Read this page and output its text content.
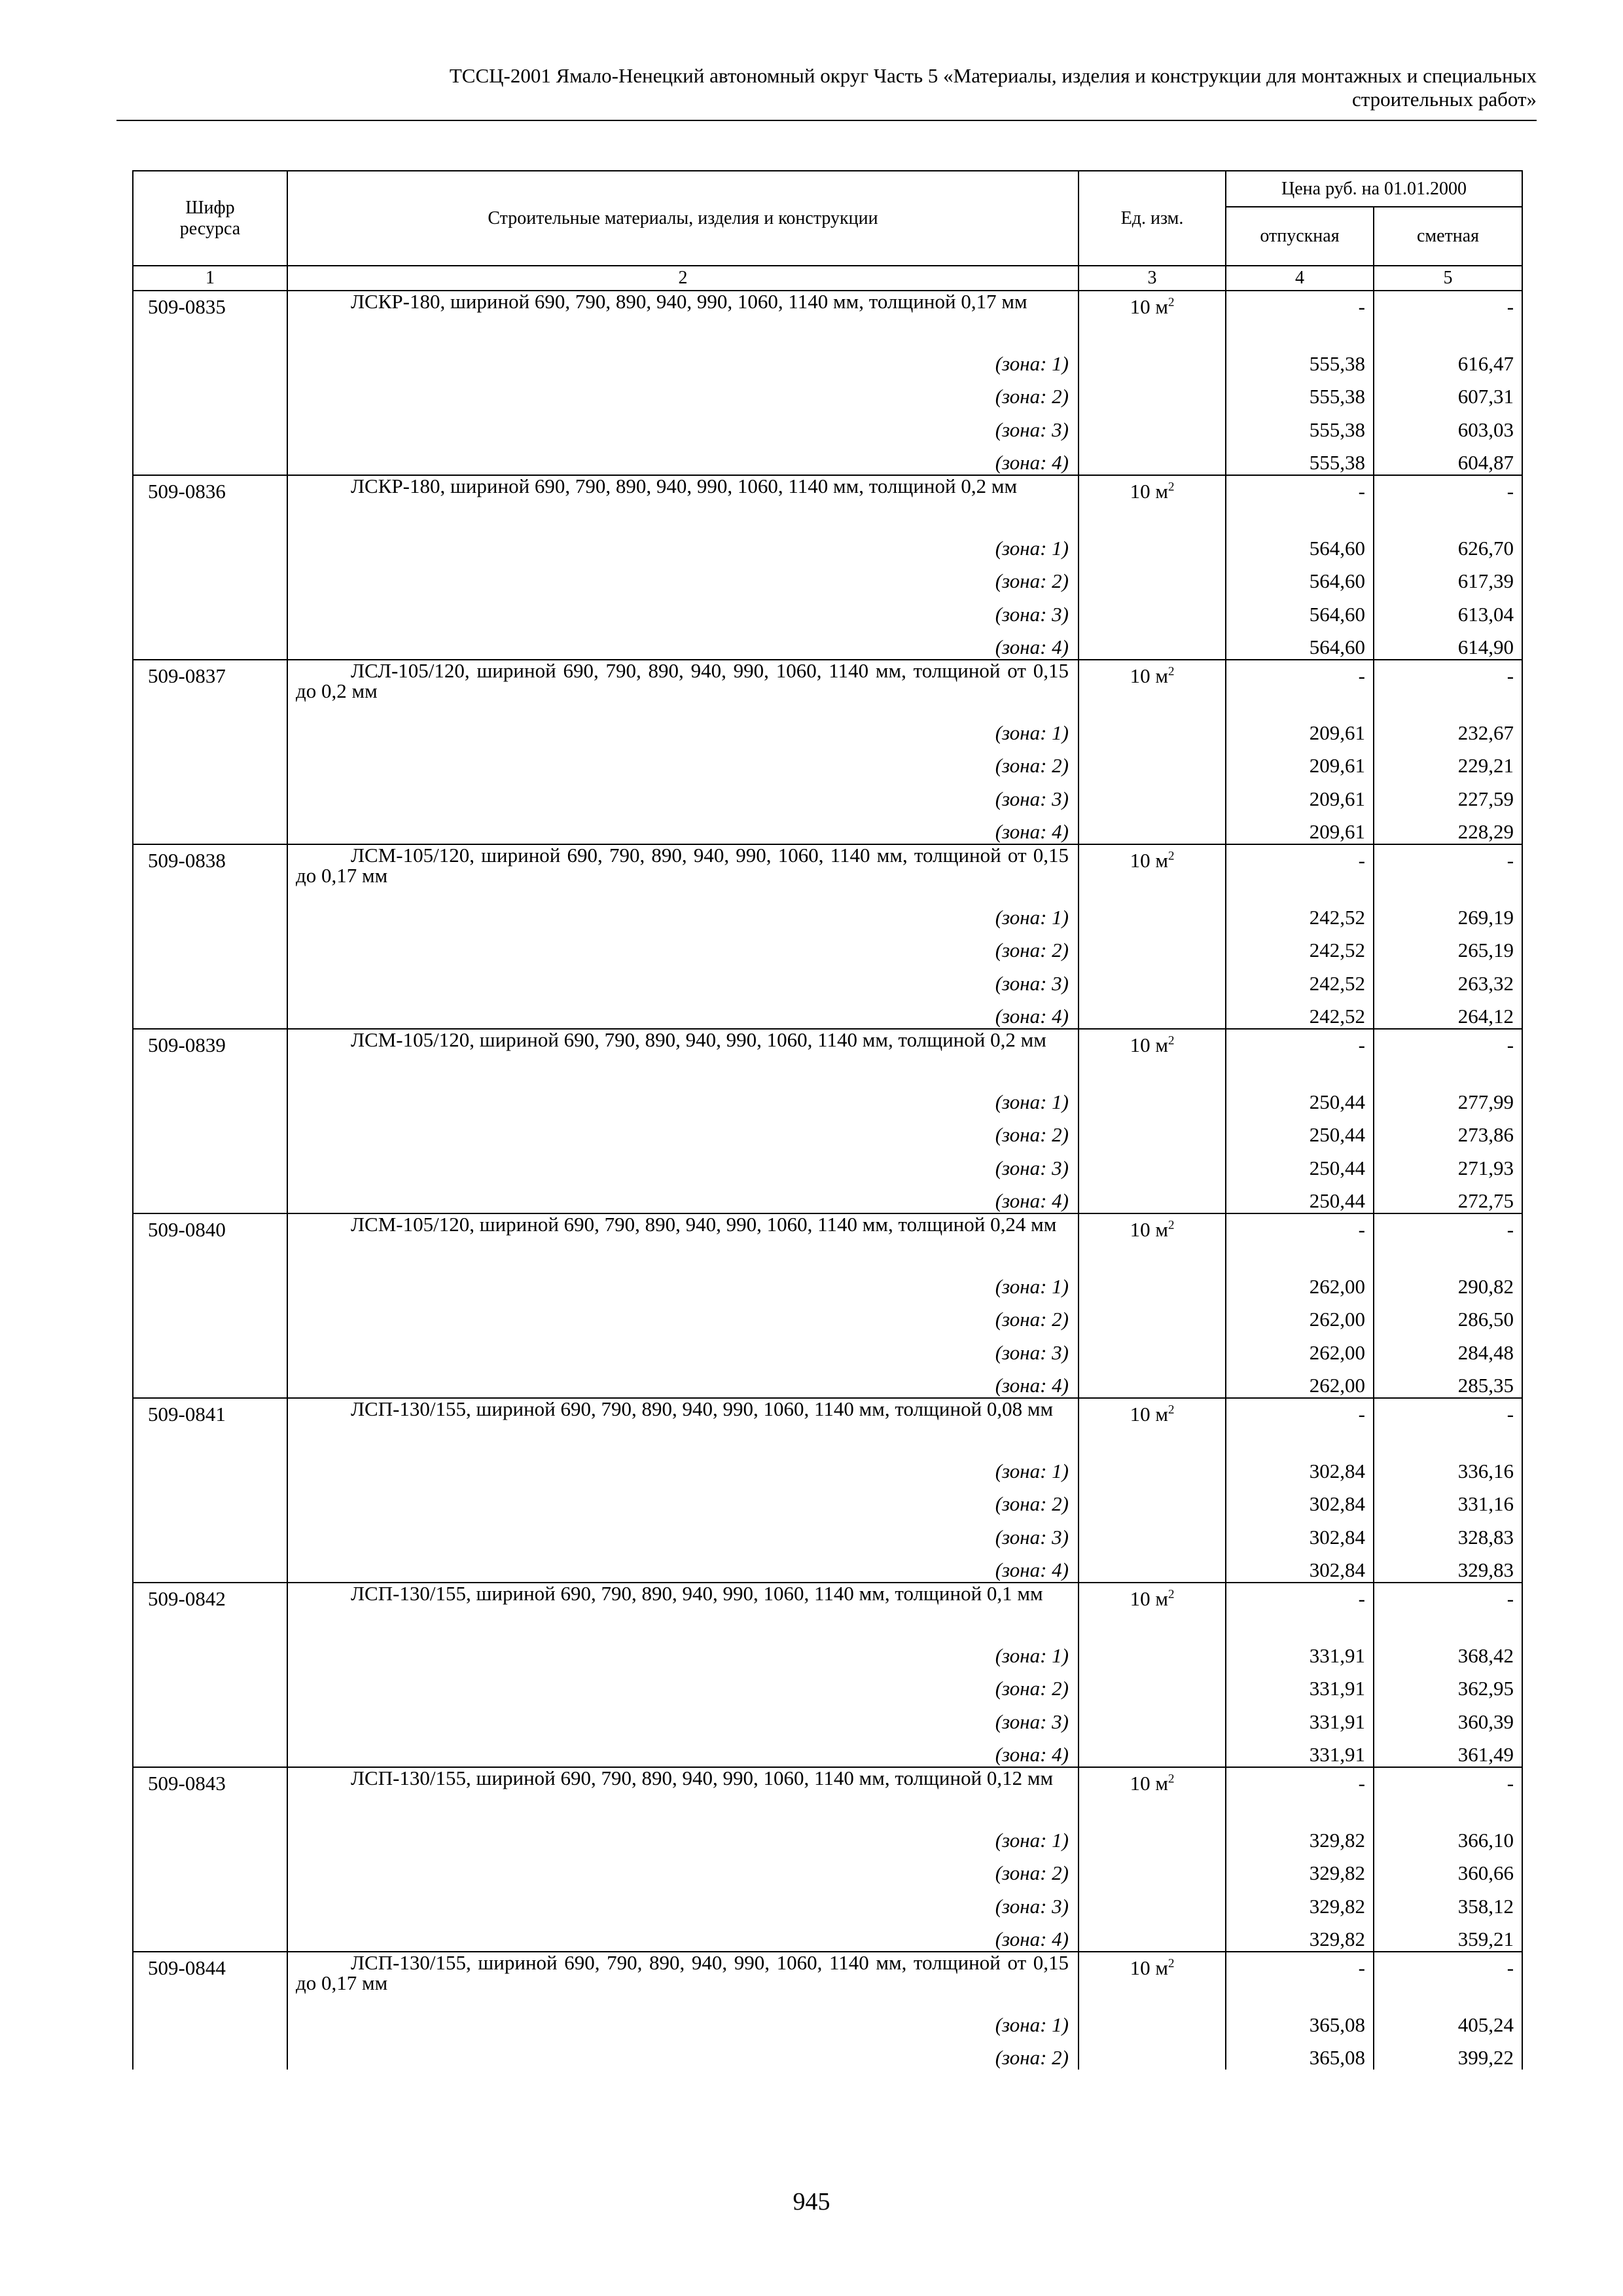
ТССЦ-2001 Ямало-Ненецкий автономный округ Часть 5 «Материалы, изделия и конструкции для монтажных и специальных
строительных работ»
Шифр ресурса	Строительные материалы, изделия и конструкции	Ед. изм.	Цена руб. на 01.01.2000	
			отпускная	сметная
1	2	3	4	5
509-0835	ЛСКР-180, шириной 690, 790, 890, 940, 990, 1060, 1140 мм, толщиной 0,17 мм	10 $м^2$	-	-
	(зона: 1)		555,38	616,47
	(зона: 2)		555,38	607,31
	(зона: 3)		555,38	603,03
	(зона: 4)		555,38	604,87
509-0836	ЛСКР-180, шириной 690, 790, 890, 940, 990, 1060, 1140 мм, толщиной 0,2 мм	10 $м^2$	-	-
	(зона: 1)		564,60	626,70
	(зона: 2)		564,60	617,39
	(зона: 3)		564,60	613,04
	(зона: 4)		564,60	614,90
509-0837	ЛСЛ-105/120, шириной 690, 790, 890, 940, 990, 1060, 1140 мм, толщиной от 0,15 до 0,2 мм	10 $м^2$	-	-
	(зона: 1)		209,61	232,67
	(зона: 2)		209,61	229,21
	(зона: 3)		209,61	227,59
	(зона: 4)		209,61	228,29
509-0838	ЛСМ-105/120, шириной 690, 790, 890, 940, 990, 1060, 1140 мм, толщиной от 0,15 до 0,17 мм	10 $м^2$	-	-
	(зона: 1)		242,52	269,19
	(зона: 2)		242,52	265,19
	(зона: 3)		242,52	263,32
	(зона: 4)		242,52	264,12
509-0839	ЛСМ-105/120, шириной 690, 790, 890, 940, 990, 1060, 1140 мм, толщиной 0,2 мм	10 $м^2$	-	-
	(зона: 1)		250,44	277,99
	(зона: 2)		250,44	273,86
	(зона: 3)		250,44	271,93
	(зона: 4)		250,44	272,75
509-0840	ЛСМ-105/120, шириной 690, 790, 890, 940, 990, 1060, 1140 мм, толщиной 0,24 мм	10 $м^2$	-	-
	(зона: 1)		262,00	290,82
	(зона: 2)		262,00	286,50
	(зона: 3)		262,00	284,48
	(зона: 4)		262,00	285,35
509-0841	ЛСП-130/155, шириной 690, 790, 890, 940, 990, 1060, 1140 мм, толщиной 0,08 мм	10 $м^2$	-	-
	(зона: 1)		302,84	336,16
	(зона: 2)		302,84	331,16
	(зона: 3)		302,84	328,83
	(зона: 4)		302,84	329,83
509-0842	ЛСП-130/155, шириной 690, 790, 890, 940, 990, 1060, 1140 мм, толщиной 0,1 мм	10 $м^2$	-	-
	(зона: 1)		331,91	368,42
	(зона: 2)		331,91	362,95
	(зона: 3)		331,91	360,39
	(зона: 4)		331,91	361,49
509-0843	ЛСП-130/155, шириной 690, 790, 890, 940, 990, 1060, 1140 мм, толщиной 0,12 мм	10 $м^2$	-	-
	(зона: 1)		329,82	366,10
	(зона: 2)		329,82	360,66
	(зона: 3)		329,82	358,12
	(зона: 4)		329,82	359,21
509-0844	ЛСП-130/155, шириной 690, 790, 890, 940, 990, 1060, 1140 мм, толщиной от 0,15 до 0,17 мм	10 $м^2$	-	-
	(зона: 1)		365,08	405,24
	(зона: 2)		365,08	399,22
945
